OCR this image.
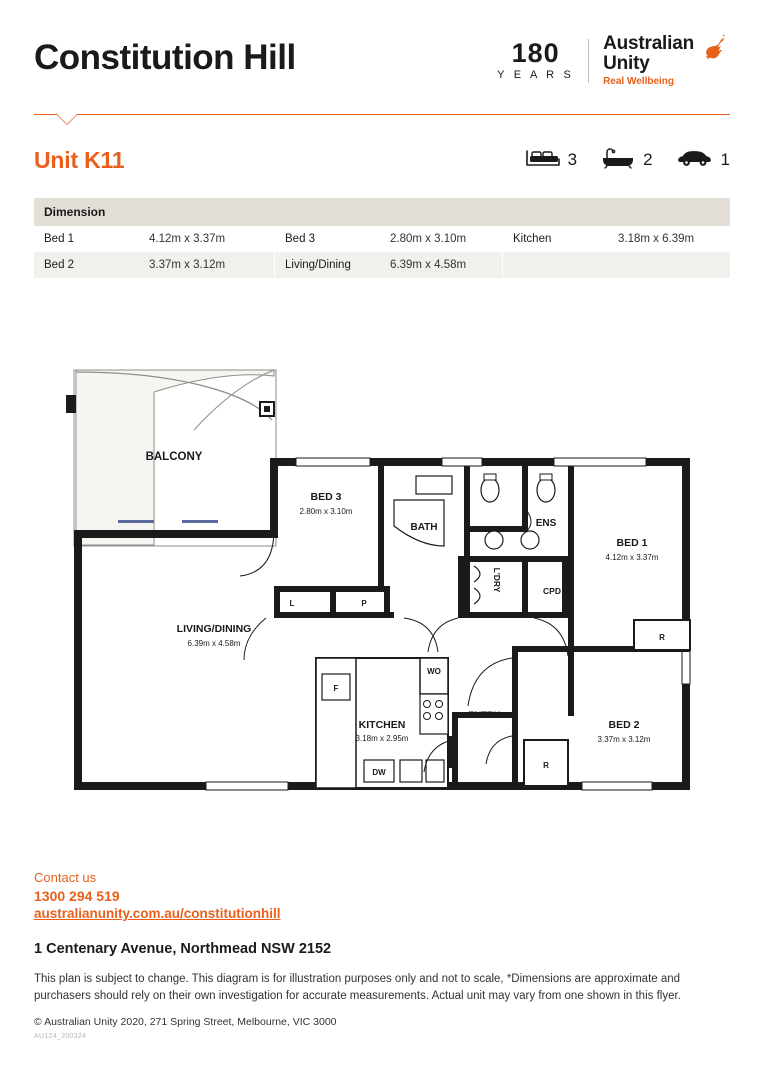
Constitution Hill	180
Y E A R S
Australian
Unity
Real Wellbeing
Unit K11	3	2	1
Dimension
Bed 1	4.12m x 3.37m	Bed 3	2.80m x 3.10m	Kitchen	3.18m x 6.39m
Bed 2	3.37m x 3.12m	Living/Dining	6.39m x 4.58m
BALCONY
BED 3
2.80m x 3.10m
BATH	ENS
BED 1
4.12m x 3.37m
L'DRY	CPD
LIVING/DINING
6.39m x 4.58m
KITCHEN
3.18m x 2.95m
ENTRY
BED 2
3.37m x 3.12m
WO
DW
F
L	P
R
R
Contact us
1300 294 519
australianunity.com.au/constitutionhill
1 Centenary Avenue, Northmead NSW 2152
This plan is subject to change. This diagram is for illustration purposes only and not to scale, *Dimensions are approximate and purchasers should rely on their own investigation for accurate measurements. Actual unit may vary from one shown in this flyer.
© Australian Unity 2020, 271 Spring Street, Melbourne, VIC 3000
AU124_200324
